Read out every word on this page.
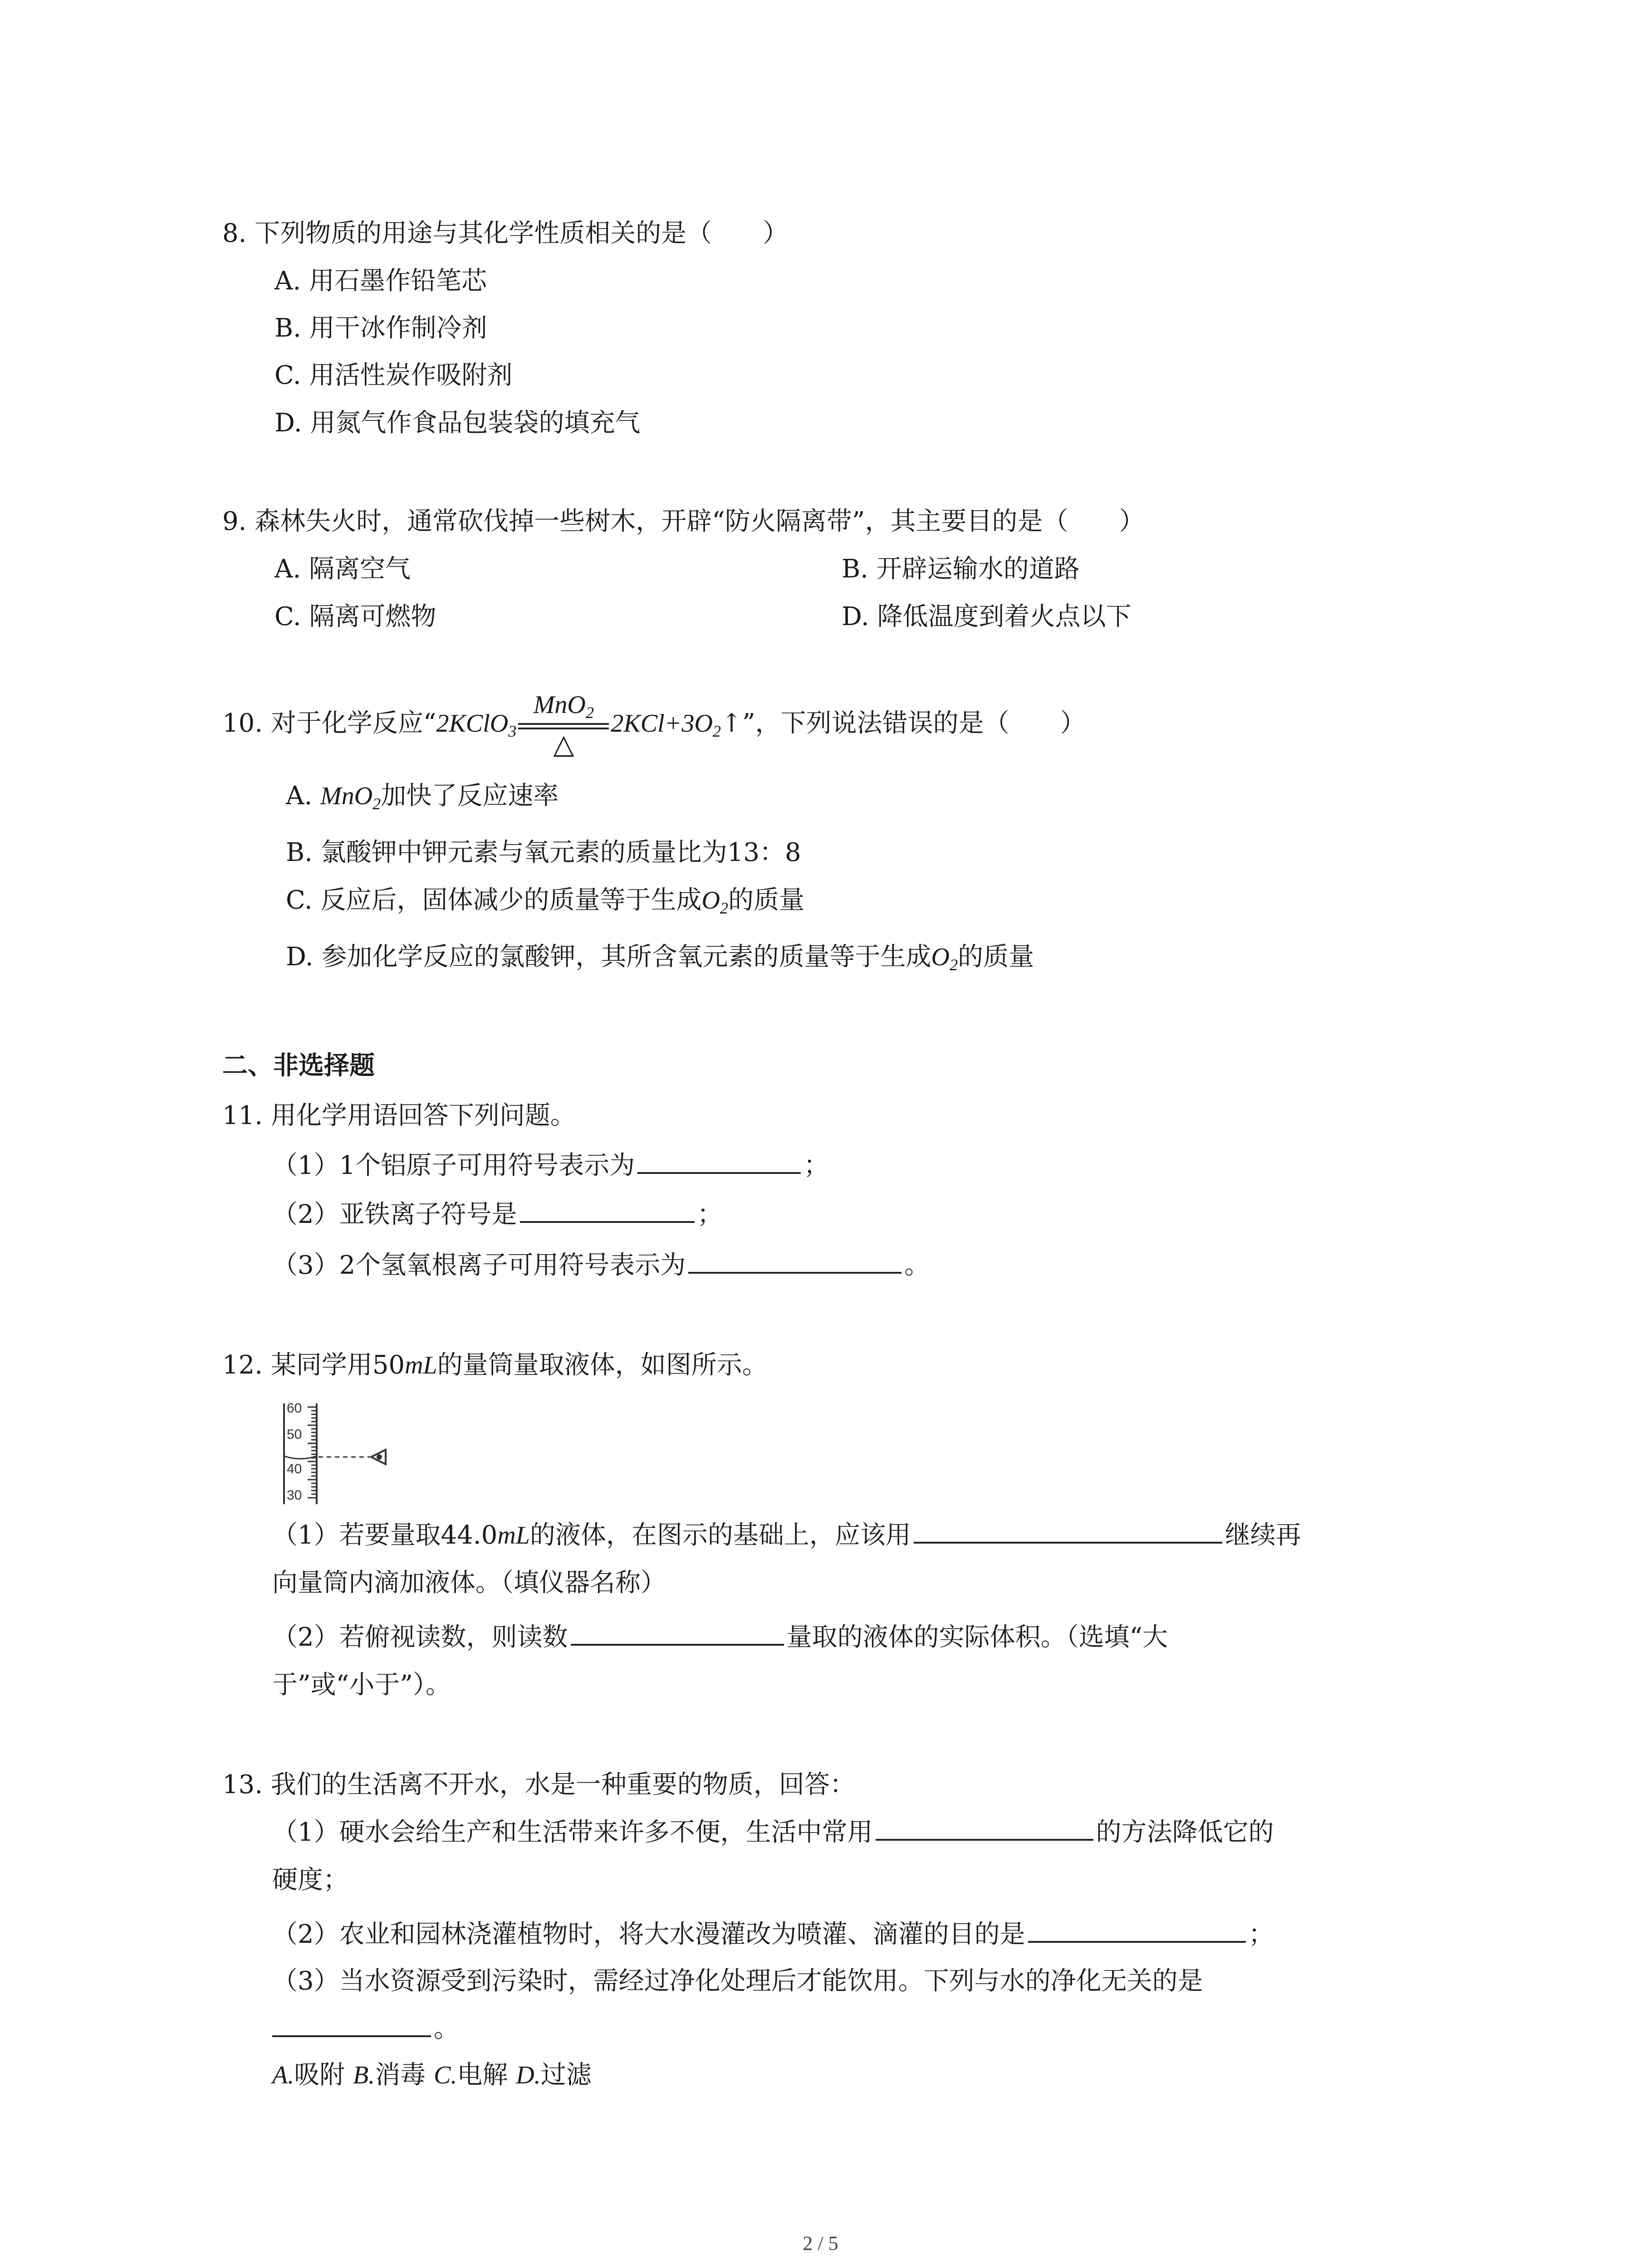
8. 下列物质的用途与其化学性质相关的是（　　）
A. 用石墨作铅笔芯
B. 用干冰作制冷剂
C. 用活性炭作吸附剂
D. 用氮气作食品包装袋的填充气
9. 森林失火时，通常砍伐掉一些树木，开辟“防火隔离带”，其主要目的是（　　）
A. 隔离空气	B. 开辟运输水的道路
C. 隔离可燃物	D. 降低温度到着火点以下
10. 对于化学反应“2KClO$_3$
MnO$_2$
△
$2KCl+3O_2↑$”，下列说法错误的是（　　）
A. MnO$_2$加快了反应速率
B. 氯酸钾中钾元素与氧元素的质量比为13：8
C. 反应后，固体减少的质量等于生成$O_2$的质量
D. 参加化学反应的氯酸钾，其所含氧元素的质量等于生成$O_2$的质量
二、非选择题
11. 用化学用语回答下列问题。
（1）1个铝原子可用符号表示为	；
（2）亚铁离子符号是	；
（3）2个氢氧根离子可用符号表示为	。
12. 某同学用50mL的量筒量取液体，如图所示。
60
50
40
30
（1）若要量取44.0mL的液体，在图示的基础上，应该用	继续再
向量筒内滴加液体。（填仪器名称）
（2）若俯视读数，则读数	量取的液体的实际体积。（选填“大
于”或“小于”）。
13. 我们的生活离不开水，水是一种重要的物质，回答：
（1）硬水会给生产和生活带来许多不便，生活中常用	的方法降低它的
硬度；
（2）农业和园林浇灌植物时，将大水漫灌改为喷灌、滴灌的目的是	；
（3）当水资源受到污染时，需经过净化处理后才能饮用。下列与水的净化无关的是
。
A.吸附 B.消毒 C.电解 D.过滤
2 / 5
